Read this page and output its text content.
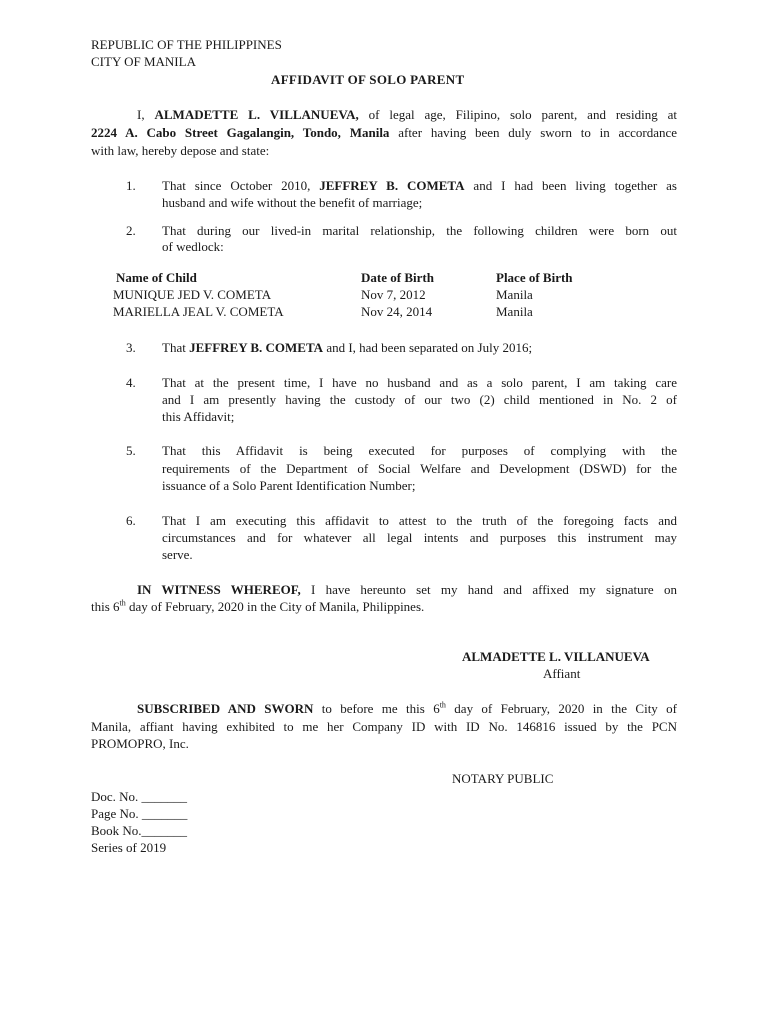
REPUBLIC OF THE PHILIPPINES
CITY OF MANILA
AFFIDAVIT OF SOLO PARENT
I, ALMADETTE L. VILLANUEVA, of legal age, Filipino, solo parent, and residing at
2224 A. Cabo Street Gagalangin, Tondo, Manila after having been duly sworn to in accordance
with law, hereby depose and state:
1. That since October 2010, JEFFREY B. COMETA and I had been living together as
husband and wife without the benefit of marriage;
2. That during our lived-in marital relationship, the following children were born out
of wedlock:
Name of Child	Date of Birth	Place of Birth
MUNIQUE JED V. COMETA	Nov 7, 2012	Manila
MARIELLA JEAL V. COMETA	Nov 24, 2014	Manila
3. That JEFFREY B. COMETA and I, had been separated on July 2016;
4. That at the present time, I have no husband and as a solo parent, I am taking care
and I am presently having the custody of our two (2) child mentioned in No. 2 of
this Affidavit;
5. That this Affidavit is being executed for purposes of complying with the
requirements of the Department of Social Welfare and Development (DSWD) for the
issuance of a Solo Parent Identification Number;
6. That I am executing this affidavit to attest to the truth of the foregoing facts and
circumstances and for whatever all legal intents and purposes this instrument may
serve.
IN WITNESS WHEREOF, I have hereunto set my hand and affixed my signature on
this 6th day of February, 2020 in the City of Manila, Philippines.
ALMADETTE L. VILLANUEVA
Affiant
SUBSCRIBED AND SWORN to before me this 6th day of February, 2020 in the City of
Manila, affiant having exhibited to me her Company ID with ID No. 146816 issued by the PCN
PROMOPRO, Inc.
NOTARY PUBLIC
Doc. No. _______
Page No. _______
Book No._______
Series of 2019
